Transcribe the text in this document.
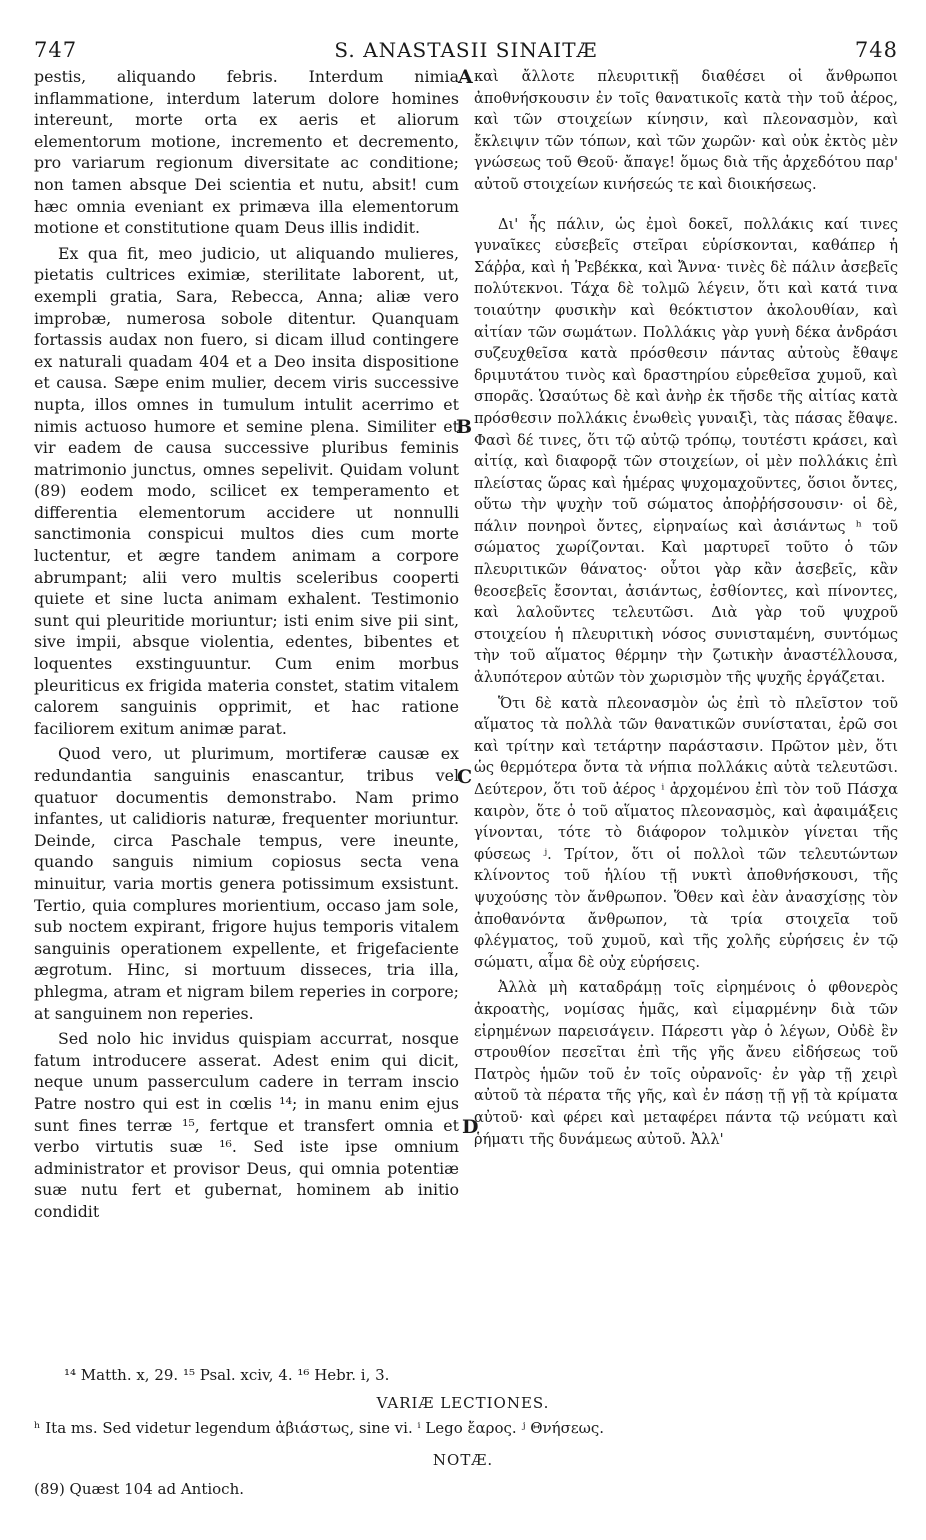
747	S. ANASTASII SINAITÆ	748

pestis, aliquando febris. Interdum nimia inflammatione, interdum laterum dolore homines intereunt, morte orta ex aeris et aliorum elementorum motione, incremento et decremento, pro variarum regionum diversitate ac conditione; non tamen absque Dei scientia et nutu, absit! cum hæc omnia eveniant ex primæva illa elementorum motione et constitutione quam Deus illis indidit.

Ex qua fit, meo judicio, ut aliquando mulieres, pietatis cultrices eximiæ, sterilitate laborent, ut, exempli gratia, Sara, Rebecca, Anna; aliæ vero improbæ, numerosa sobole ditentur. Quanquam fortassis audax non fuero, si dicam illud contingere ex naturali quadam 404 et a Deo insita dispositione et causa. Sæpe enim mulier, decem viris successive nupta, illos omnes in tumulum intulit acerrimo et nimis actuoso humore et semine plena. Similiter et vir eadem de causa successive pluribus feminis matrimonio junctus, omnes sepelivit. Quidam volunt (89) eodem modo, scilicet ex temperamento et differentia elementorum accidere ut nonnulli sanctimonia conspicui multos dies cum morte luctentur, et ægre tandem animam a corpore abrumpant; alii vero multis sceleribus cooperti quiete et sine lucta animam exhalent. Testimonio sunt qui pleuritide moriuntur; isti enim sive pii sint, sive impii, absque violentia, edentes, bibentes et loquentes exstinguuntur. Cum enim morbus pleuriticus ex frigida materia constet, statim vitalem calorem sanguinis opprimit, et hac ratione faciliorem exitum animæ parat.

Quod vero, ut plurimum, mortiferæ causæ ex redundantia sanguinis enascantur, tribus vel quatuor documentis demonstrabo. Nam primo infantes, ut calidioris naturæ, frequenter moriuntur. Deinde, circa Paschale tempus, vere ineunte, quando sanguis nimium copiosus secta vena minuitur, varia mortis genera potissimum exsistunt. Tertio, quia complures morientium, occaso jam sole, sub noctem expirant, frigore hujus temporis vitalem sanguinis operationem expellente, et frigefaciente ægrotum. Hinc, si mortuum disseces, tria illa, phlegma, atram et nigram bilem reperies in corpore; at sanguinem non reperies.

Sed nolo hic invidus quispiam accurrat, nosque fatum introducere asserat. Adest enim qui dicit, neque unum passerculum cadere in terram inscio Patre nostro qui est in cœlis ¹⁴; in manu enim ejus sunt fines terræ ¹⁵, fertque et transfert omnia et verbo virtutis suæ ¹⁶. Sed iste ipse omnium administrator et provisor Deus, qui omnia potentiæ suæ nutu fert et gubernat, hominem ab initio condidit

A
B
C
D

καὶ ἄλλοτε πλευριτικῇ διαθέσει οἱ ἄνθρωποι ἀποθνήσκουσιν ἐν τοῖς θανατικοῖς κατὰ τὴν τοῦ ἀέρος, καὶ τῶν στοιχείων κίνησιν, καὶ πλεονασμὸν, καὶ ἔκλειψιν τῶν τόπων, καὶ τῶν χωρῶν· καὶ οὐκ ἐκτὸς μὲν γνώσεως τοῦ Θεοῦ· ἄπαγε! ὅμως διὰ τῆς ἀρχεδότου παρ' αὐτοῦ στοιχείων κινήσεώς τε καὶ διοικήσεως.

Δι' ἧς πάλιν, ὡς ἐμοὶ δοκεῖ, πολλάκις καί τινες γυναῖκες εὐσεβεῖς στεῖραι εὑρίσκονται, καθάπερ ἡ Σάῤῥα, καὶ ἡ Ῥεβέκκα, καὶ Ἄννα· τινὲς δὲ πάλιν ἀσεβεῖς πολύτεκνοι. Τάχα δὲ τολμῶ λέγειν, ὅτι καὶ κατά τινα τοιαύτην φυσικὴν καὶ θεόκτιστον ἀκολουθίαν, καὶ αἰτίαν τῶν σωμάτων. Πολλάκις γὰρ γυνὴ δέκα ἀνδράσι συζευχθεῖσα κατὰ πρόσθεσιν πάντας αὐτοὺς ἔθαψε δριμυτάτου τινὸς καὶ δραστηρίου εὑρεθεῖσα χυμοῦ, καὶ σπορᾶς. Ὡσαύτως δὲ καὶ ἀνὴρ ἐκ τῆσδε τῆς αἰτίας κατὰ πρόσθεσιν πολλάκις ἑνωθεὶς γυναιξὶ, τὰς πάσας ἔθαψε. Φασὶ δέ τινες, ὅτι τῷ αὐτῷ τρόπῳ, τουτέστι κράσει, καὶ αἰτίᾳ, καὶ διαφορᾷ τῶν στοιχείων, οἱ μὲν πολλάκις ἐπὶ πλείστας ὥρας καὶ ἡμέρας ψυχομαχοῦντες, ὅσιοι ὄντες, οὕτω τὴν ψυχὴν τοῦ σώματος ἀποῤῥήσσουσιν· οἱ δὲ, πάλιν πονηροὶ ὄντες, εἰρηναίως καὶ ἀσιάντως ʰ τοῦ σώματος χωρίζονται. Καὶ μαρτυρεῖ τοῦτο ὁ τῶν πλευριτικῶν θάνατος· οὗτοι γὰρ κἂν ἀσεβεῖς, κἂν θεοσεβεῖς ἔσονται, ἀσιάντως, ἐσθίοντες, καὶ πίνοντες, καὶ λαλοῦντες τελευτῶσι. Διὰ γὰρ τοῦ ψυχροῦ στοιχείου ἡ πλευριτικὴ νόσος συνισταμένη, συντόμως τὴν τοῦ αἵματος θέρμην τὴν ζωτικὴν ἀναστέλλουσα, ἀλυπότερον αὐτῶν τὸν χωρισμὸν τῆς ψυχῆς ἐργάζεται.

Ὅτι δὲ κατὰ πλεονασμὸν ὡς ἐπὶ τὸ πλεῖστον τοῦ αἵματος τὰ πολλὰ τῶν θανατικῶν συνίσταται, ἐρῶ σοι καὶ τρίτην καὶ τετάρτην παράστασιν. Πρῶτον μὲν, ὅτι ὡς θερμότερα ὄντα τὰ νήπια πολλάκις αὐτὰ τελευτῶσι. Δεύτερον, ὅτι τοῦ ἀέρος ⁱ ἀρχομένου ἐπὶ τὸν τοῦ Πάσχα καιρὸν, ὅτε ὁ τοῦ αἵματος πλεονασμὸς, καὶ ἀφαιμάξεις γίνονται, τότε τὸ διάφορον τολμικὸν γίνεται τῆς φύσεως ʲ. Τρίτον, ὅτι οἱ πολλοὶ τῶν τελευτώντων κλίνοντος τοῦ ἡλίου τῇ νυκτὶ ἀποθνήσκουσι, τῆς ψυχούσης τὸν ἄνθρωπον. Ὅθεν καὶ ἐὰν ἀνασχίσῃς τὸν ἀποθανόντα ἄνθρωπον, τὰ τρία στοιχεῖα τοῦ φλέγματος, τοῦ χυμοῦ, καὶ τῆς χολῆς εὑρήσεις ἐν τῷ σώματι, αἷμα δὲ οὐχ εὑρήσεις.

Ἀλλὰ μὴ καταδράμῃ τοῖς εἰρημένοις ὁ φθονερὸς ἀκροατὴς, νομίσας ἡμᾶς, καὶ εἱμαρμένην διὰ τῶν εἰρημένων παρεισάγειν. Πάρεστι γὰρ ὁ λέγων, Οὐδὲ ἓν στρουθίον πεσεῖται ἐπὶ τῆς γῆς ἄνευ εἰδήσεως τοῦ Πατρὸς ἡμῶν τοῦ ἐν τοῖς οὐρανοῖς· ἐν γὰρ τῇ χειρὶ αὐτοῦ τὰ πέρατα τῆς γῆς, καὶ ἐν πάσῃ τῇ γῇ τὰ κρίματα αὐτοῦ· καὶ φέρει καὶ μεταφέρει πάντα τῷ νεύματι καὶ ῥήματι τῆς δυνάμεως αὐτοῦ. Ἀλλ'

¹⁴ Matth. x, 29. ¹⁵ Psal. xciv, 4. ¹⁶ Hebr. i, 3.
VARIÆ LECTIONES.
ʰ Ita ms. Sed videtur legendum ἀβιάστως, sine vi. ⁱ Lego ἔαρος. ʲ Θνήσεως.
NOTÆ.
(89) Quæst 104 ad Antioch.
